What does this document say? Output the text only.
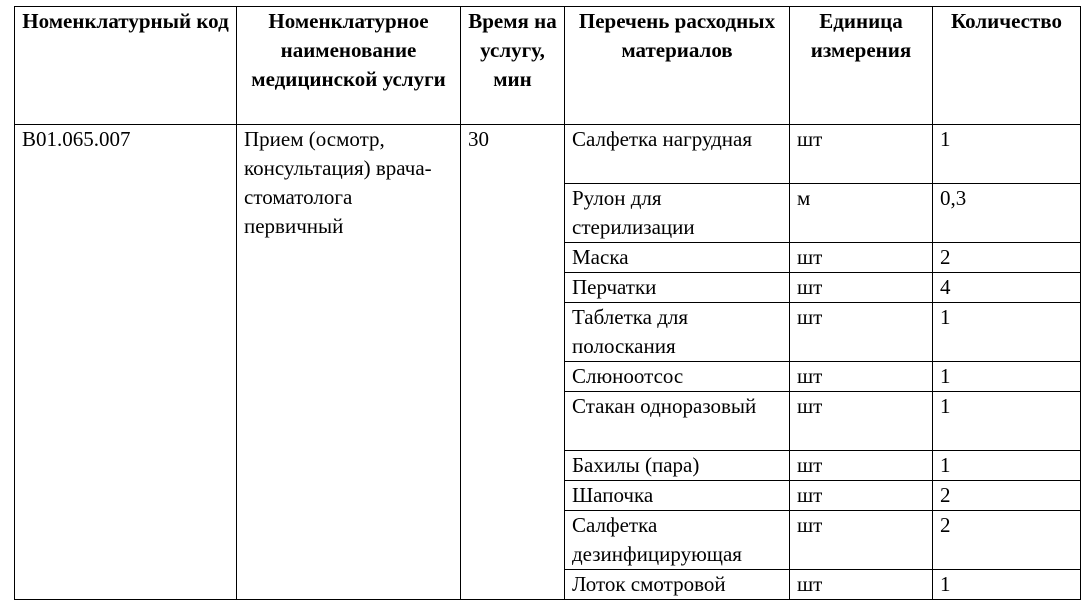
Номенклатурный код	Номенклатурное наименование медицинской услуги	Время на услугу, мин	Перечень расходных материалов	Единица измерения	Количество
B01.065.007	Прием (осмотр, консультация) врача-стоматолога первичный	30	Салфетка нагрудная	шт	1
			Рулон для стерилизации	м	0,3
			Маска	шт	2
			Перчатки	шт	4
			Таблетка для полоскания	шт	1
			Слюноотсос	шт	1
			Стакан одноразовый	шт	1
			Бахилы (пара)	шт	1
			Шапочка	шт	2
			Салфетка дезинфицирующая	шт	2
			Лоток смотровой	шт	1
